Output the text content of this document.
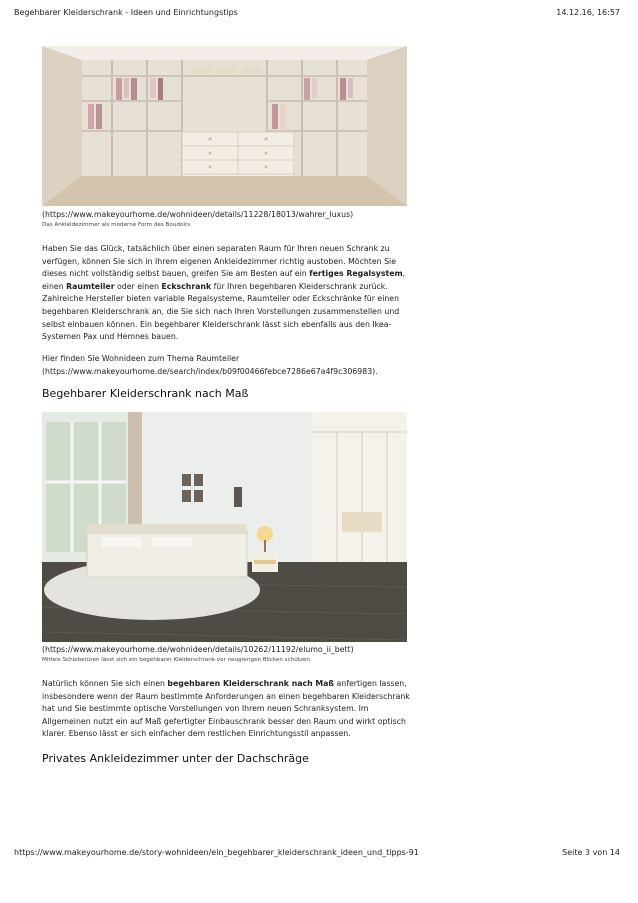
Begehbarer Kleiderschrank - Ideen und Einrichtungstips	14.12.16, 16:57
(https://www.makeyourhome.de/wohnideen/details/11228/18013/wahrer_luxus)
Das Ankleidezimmer als moderne Form des Boudoirs.
Haben Sie das Glück, tatsächlich über einen separaten Raum für Ihren neuen Schrank zu
verfügen, können Sie sich in Ihrem eigenen Ankleidezimmer richtig austoben. Möchten Sie
dieses nicht vollständig selbst bauen, greifen Sie am Besten auf ein fertiges Regalsystem,
einen Raumteiler oder einen Eckschrank für Ihren begehbaren Kleiderschrank zurück.
Zahlreiche Hersteller bieten variable Regalsysteme, Raumteiler oder Eckschränke für einen
begehbaren Kleiderschrank an, die Sie sich nach Ihren Vorstellungen zusammenstellen und
selbst einbauen können. Ein begehbarer Kleiderschrank lässt sich ebenfalls aus den Ikea-
Systemen Pax und Hemnes bauen.
Hier finden Sie Wohnideen zum Thema Raumteiler
(https://www.makeyourhome.de/search/index/b09f00466febce7286e67a4f9c306983).
Begehbarer Kleiderschrank nach Maß
(https://www.makeyourhome.de/wohnideen/details/10262/11192/elumo_ii_bett)
Mittels Schiebetüren lässt sich ein begehbarer Kleiderschrank vor neugierigen Blicken schützen.
Natürlich können Sie sich einen begehbaren Kleiderschrank nach Maß anfertigen lassen,
insbesondere wenn der Raum bestimmte Anforderungen an einen begehbaren Kleiderschrank
hat und Sie bestimmte optische Vorstellungen von Ihrem neuen Schranksystem. Im
Allgemeinen nutzt ein auf Maß gefertigter Einbauschrank besser den Raum und wirkt optisch
klarer. Ebenso lässt er sich einfacher dem restlichen Einrichtungsstil anpassen.
Privates Ankleidezimmer unter der Dachschräge
https://www.makeyourhome.de/story-wohnideen/ein_begehbarer_kleiderschrank_ideen_und_tipps-91	Seite 3 von 14
